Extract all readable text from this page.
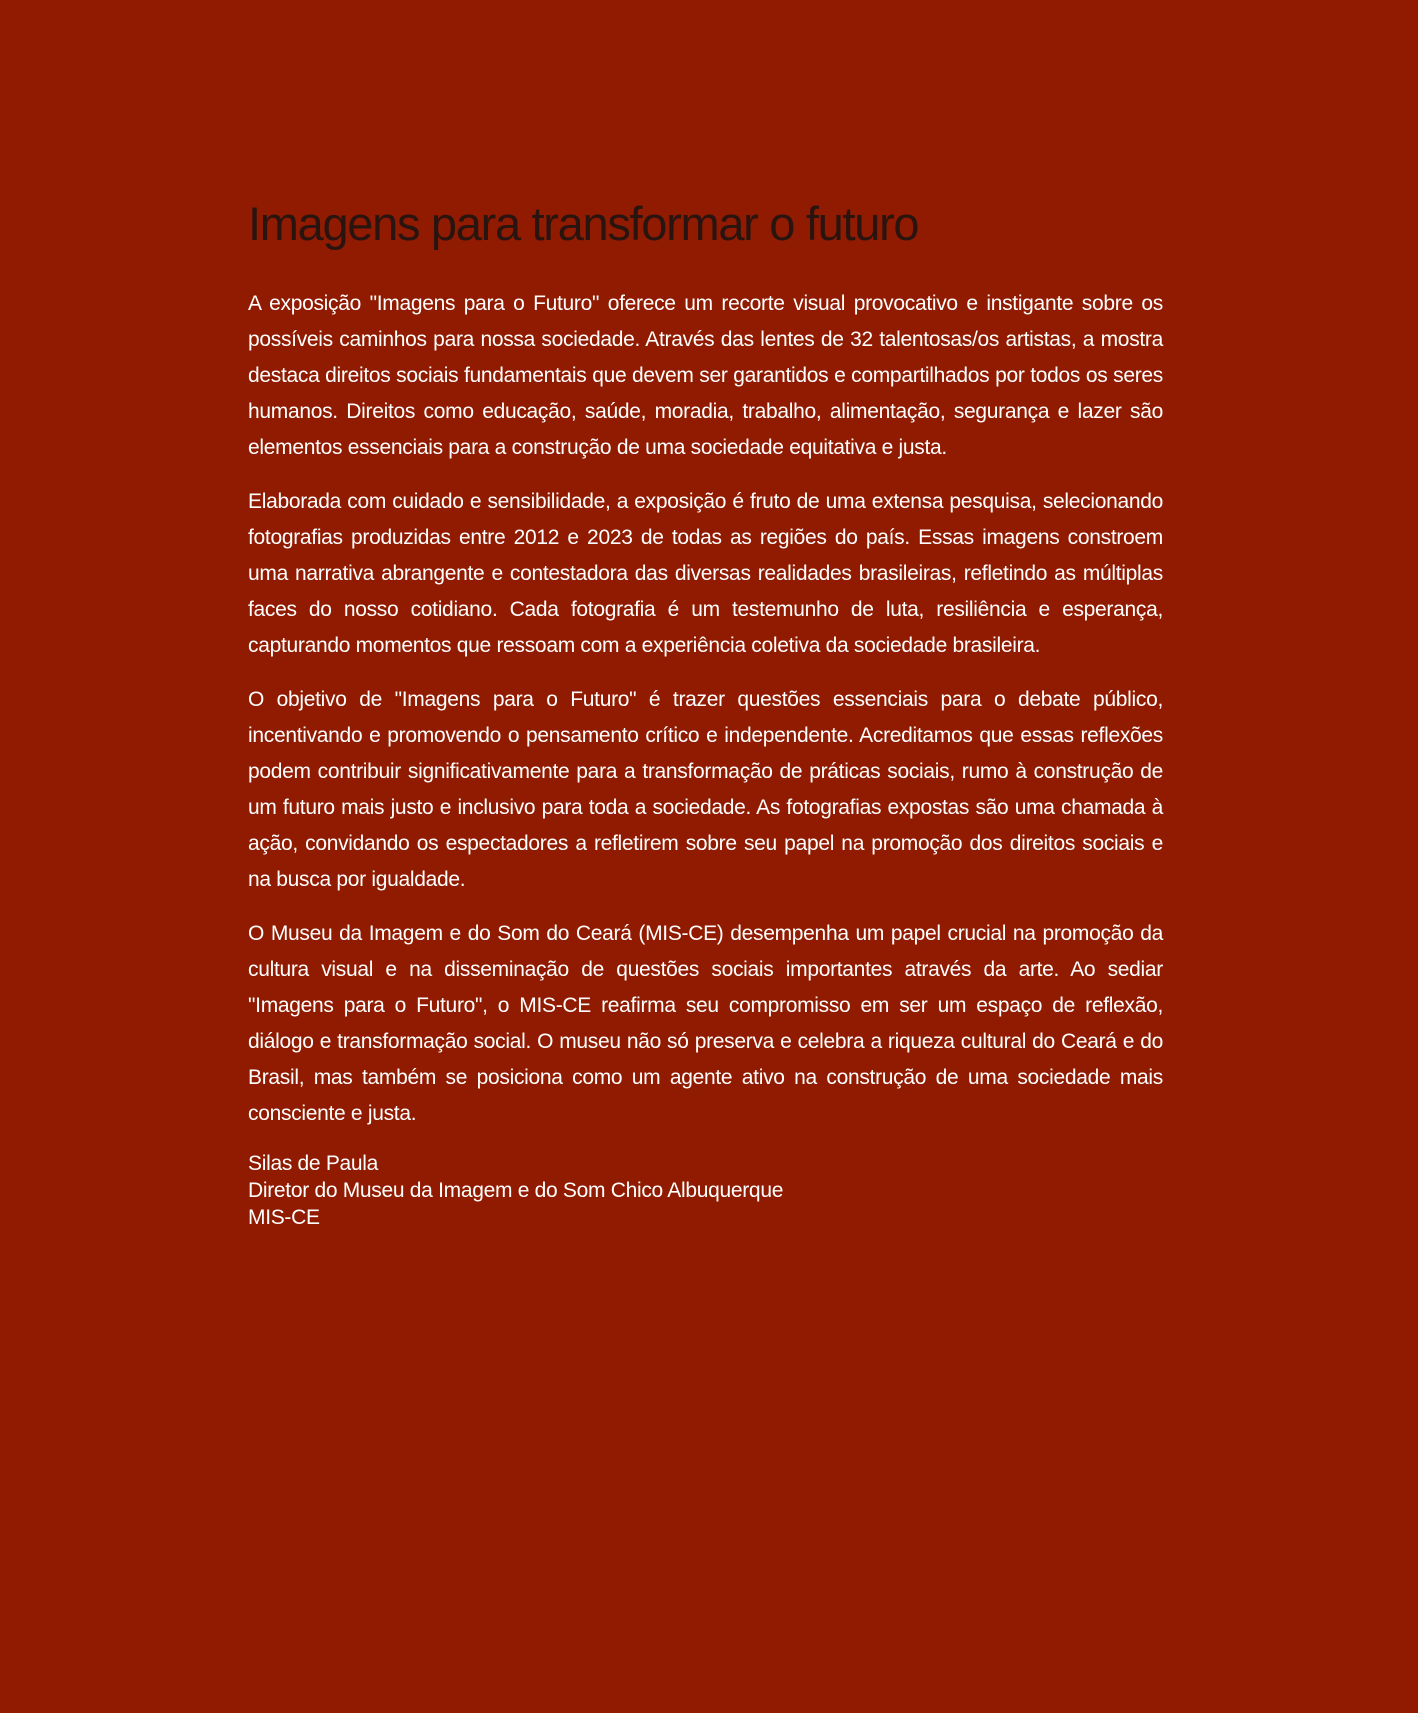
Imagens para transformar o futuro

A exposição "Imagens para o Futuro" oferece um recorte visual provocativo e instigante sobre os possíveis caminhos para nossa sociedade. Através das lentes de 32 talentosas/os artistas, a mostra destaca direitos sociais fundamentais que devem ser garantidos e compartilhados por todos os seres humanos. Direitos como educação, saúde, moradia, trabalho, alimentação, segurança e lazer são elementos essenciais para a construção de uma sociedade equitativa e justa.

Elaborada com cuidado e sensibilidade, a exposição é fruto de uma extensa pesquisa, selecionando fotografias produzidas entre 2012 e 2023 de todas as regiões do país. Essas imagens constroem uma narrativa abrangente e contestadora das diversas realidades brasileiras, refletindo as múltiplas faces do nosso cotidiano. Cada fotografia é um testemunho de luta, resiliência e esperança, capturando momentos que ressoam com a experiência coletiva da sociedade brasileira.

O objetivo de "Imagens para o Futuro" é trazer questões essenciais para o debate público, incentivando e promovendo o pensamento crítico e independente. Acreditamos que essas reflexões podem contribuir significativamente para a transformação de práticas sociais, rumo à construção de um futuro mais justo e inclusivo para toda a sociedade. As fotografias expostas são uma chamada à ação, convidando os espectadores a refletirem sobre seu papel na promoção dos direitos sociais e na busca por igualdade.

O Museu da Imagem e do Som do Ceará (MIS-CE) desempenha um papel crucial na promoção da cultura visual e na disseminação de questões sociais importantes através da arte. Ao sediar "Imagens para o Futuro", o MIS-CE reafirma seu compromisso em ser um espaço de reflexão, diálogo e transformação social. O museu não só preserva e celebra a riqueza cultural do Ceará e do Brasil, mas também se posiciona como um agente ativo na construção de uma sociedade mais consciente e justa.

Silas de Paula
Diretor do Museu da Imagem e do Som Chico Albuquerque
MIS-CE
